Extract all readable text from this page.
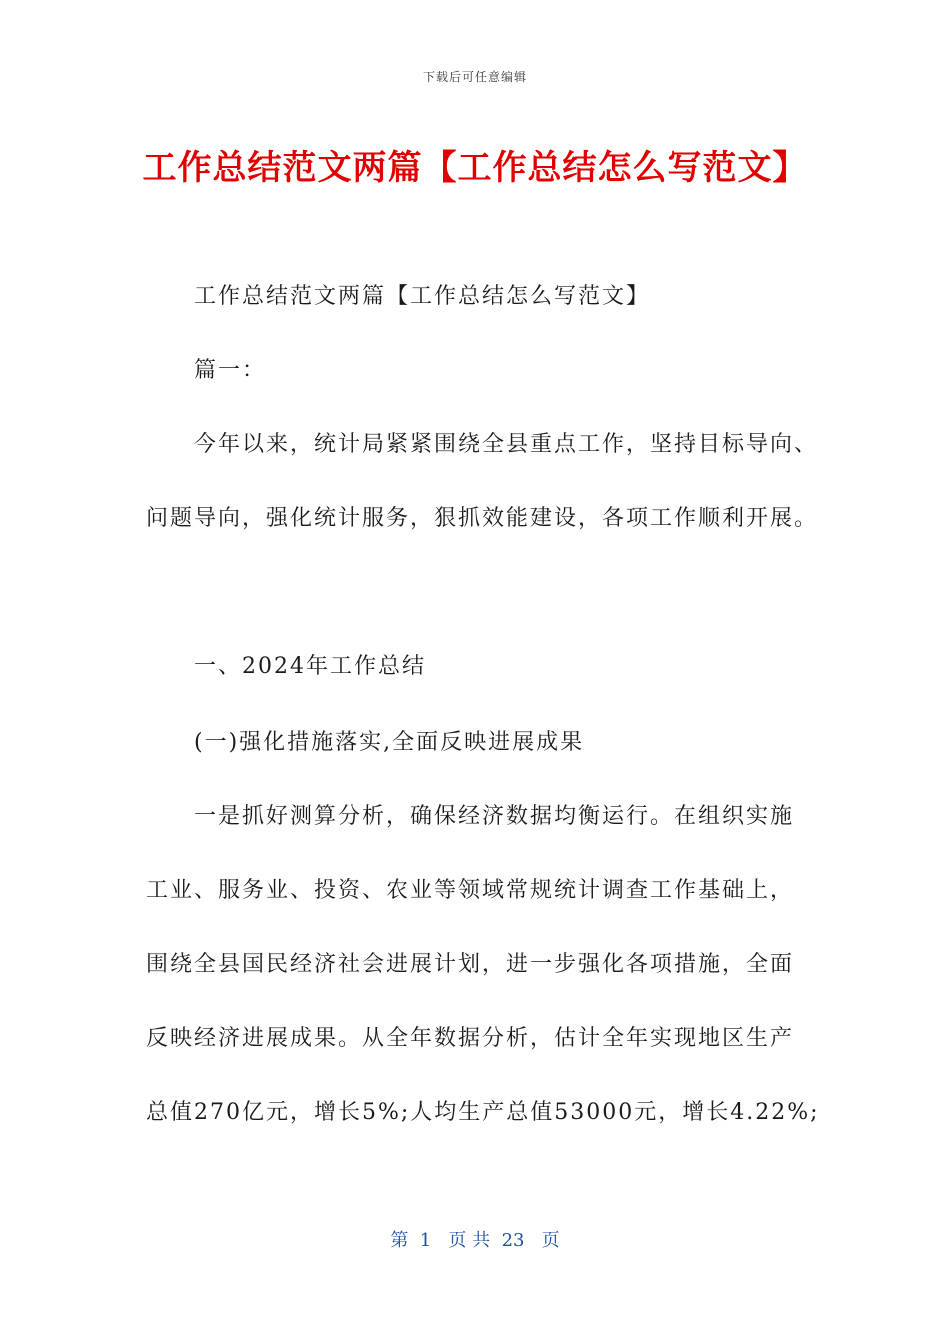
下载后可任意编辑
工作总结范文两篇【工作总结怎么写范文】

工作总结范文两篇【工作总结怎么写范文】

篇一：

今年以来，统计局紧紧围绕全县重点工作，坚持目标导向、

问题导向，强化统计服务，狠抓效能建设，各项工作顺利开展。

一、2024年工作总结

(一)强化措施落实,全面反映进展成果

一是抓好测算分析，确保经济数据均衡运行。在组织实施

工业、服务业、投资、农业等领域常规统计调查工作基础上，

围绕全县国民经济社会进展计划，进一步强化各项措施，全面

反映经济进展成果。从全年数据分析，估计全年实现地区生产

总值270亿元，增长5%;人均生产总值53000元，增长4.22%;

第  1   页 共  23   页
